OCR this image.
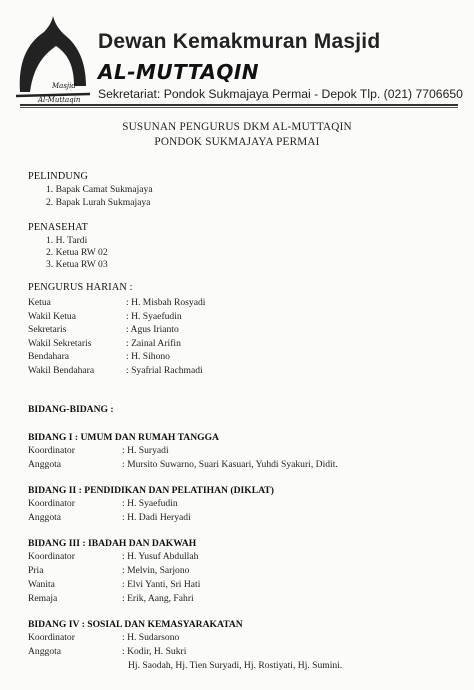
Masjid
Al-Muttaqin
Dewan Kemakmuran Masjid
AL-MUTTAQIN
Sekretariat: Pondok Sukmajaya Permai - Depok Tlp. (021) 7706650
SUSUNAN PENGURUS DKM AL-MUTTAQIN
PONDOK SUKMAJAYA PERMAI
PELINDUNG
1. Bapak Camat Sukmajaya
2. Bapak Lurah Sukmajaya
PENASEHAT
1. H. Tardi
2. Ketua RW 02
3. Ketua RW 03
PENGURUS HARIAN :
Ketua	: H. Misbah Rosyadi
Wakil Ketua	: H. Syaefudin
Sekretaris	: Agus Irianto
Wakil Sekretaris	: Zainal Arifin
Bendahara	: H. Sihono
Wakil Bendahara	: Syafrial Rachmadi
BIDANG-BIDANG :
BIDANG I : UMUM DAN RUMAH TANGGA
Koordinator	: H. Suryadi
Anggota	: Mursito Suwarno, Suari Kasuari, Yuhdi Syakuri, Didit.
BIDANG II : PENDIDIKAN DAN PELATIHAN (DIKLAT)
Koordinator	: H. Syaefudin
Anggota	: H. Dadi Heryadi
BIDANG III : IBADAH DAN DAKWAH
Koordinator	: H. Yusuf Abdullah
Pria	: Melvin, Sarjono
Wanita	: Elvi Yanti, Sri Hati
Remaja	: Erik, Aang, Fahri
BIDANG IV : SOSIAL DAN KEMASYARAKATAN
Koordinator	: H. Sudarsono
Anggota	: Kodir, H. Sukri
Hj. Saodah, Hj. Tien Suryadi, Hj. Rostiyati, Hj. Sumini.
